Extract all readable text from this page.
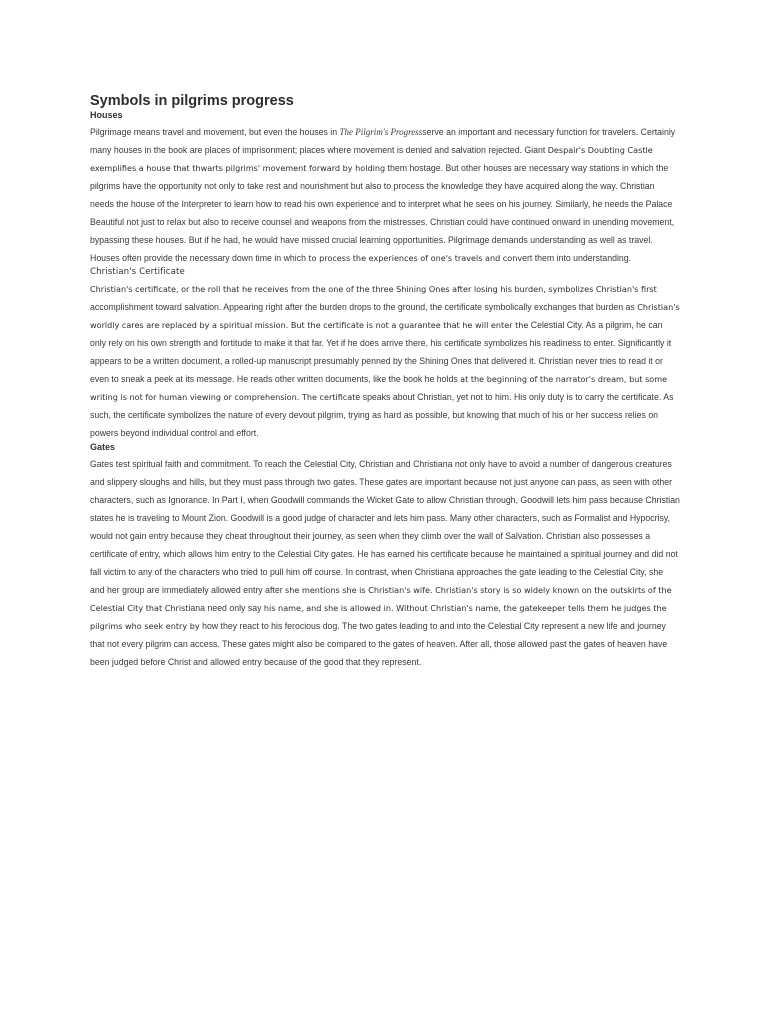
Symbols in pilgrims progress
Houses

Pilgrimage means travel and movement, but even the houses in The Pilgrim's Progressserve an important and necessary function for travelers. Certainly many houses in the book are places of imprisonment; places where movement is denied and salvation rejected. Giant Despair's Doubting Castle exemplifies a house that thwarts pilgrims' movement forward by holding them hostage. But other houses are necessary way stations in which the pilgrims have the opportunity not only to take rest and nourishment but also to process the knowledge they have acquired along the way. Christian needs the house of the Interpreter to learn how to read his own experience and to interpret what he sees on his journey. Similarly, he needs the Palace Beautiful not just to relax but also to receive counsel and weapons from the mistresses. Christian could have continued onward in unending movement, bypassing these houses. But if he had, he would have missed crucial learning opportunities. Pilgrimage demands understanding as well as travel. Houses often provide the necessary down time in which to process the experiences of one's travels and convert them into understanding.

Christian's Certificate

Christian's certificate, or the roll that he receives from the one of the three Shining Ones after losing his burden, symbolizes Christian's first accomplishment toward salvation. Appearing right after the burden drops to the ground, the certificate symbolically exchanges that burden as Christian's worldly cares are replaced by a spiritual mission. But the certificate is not a guarantee that he will enter the Celestial City. As a pilgrim, he can only rely on his own strength and fortitude to make it that far. Yet if he does arrive there, his certificate symbolizes his readiness to enter. Significantly it appears to be a written document, a rolled-up manuscript presumably penned by the Shining Ones that delivered it. Christian never tries to read it or even to sneak a peek at its message. He reads other written documents, like the book he holds at the beginning of the narrator's dream, but some writing is not for human viewing or comprehension. The certificate speaks about Christian, yet not to him. His only duty is to carry the certificate. As such, the certificate symbolizes the nature of every devout pilgrim, trying as hard as possible, but knowing that much of his or her success relies on powers beyond individual control and effort.

Gates

Gates test spiritual faith and commitment. To reach the Celestial City, Christian and Christiana not only have to avoid a number of dangerous creatures and slippery sloughs and hills, but they must pass through two gates. These gates are important because not just anyone can pass, as seen with other characters, such as Ignorance. In Part I, when Goodwill commands the Wicket Gate to allow Christian through, Goodwill lets him pass because Christian states he is traveling to Mount Zion. Goodwill is a good judge of character and lets him pass. Many other characters, such as Formalist and Hypocrisy, would not gain entry because they cheat throughout their journey, as seen when they climb over the wall of Salvation. Christian also possesses a certificate of entry, which allows him entry to the Celestial City gates. He has earned his certificate because he maintained a spiritual journey and did not fall victim to any of the characters who tried to pull him off course. In contrast, when Christiana approaches the gate leading to the Celestial City, she and her group are immediately allowed entry after she mentions she is Christian's wife. Christian's story is so widely known on the outskirts of the Celestial City that Christiana need only say his name, and she is allowed in. Without Christian's name, the gatekeeper tells them he judges the pilgrims who seek entry by how they react to his ferocious dog. The two gates leading to and into the Celestial City represent a new life and journey that not every pilgrim can access. These gates might also be compared to the gates of heaven. After all, those allowed past the gates of heaven have been judged before Christ and allowed entry because of the good that they represent.
